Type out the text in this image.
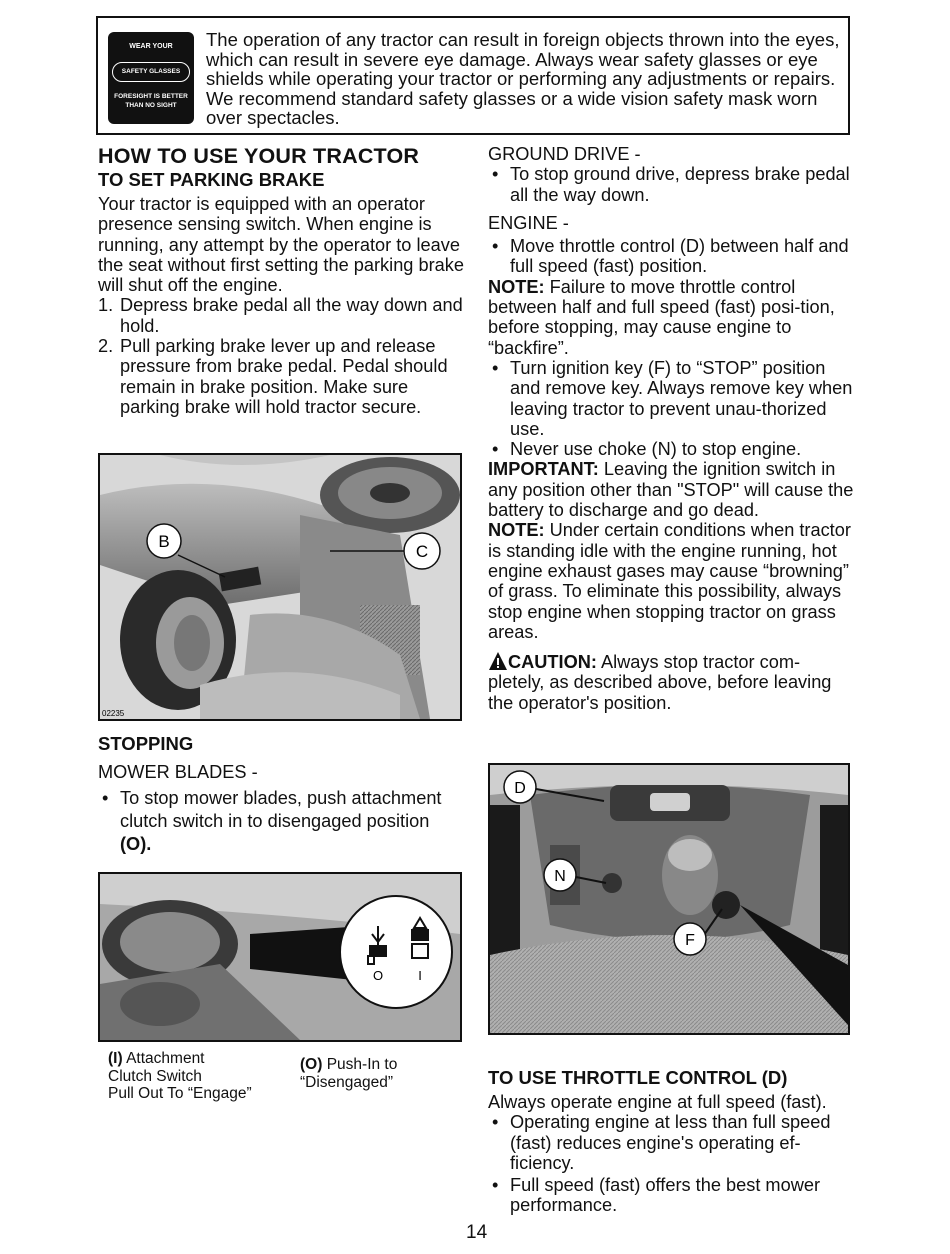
WEAR YOUR
SAFETY GLASSES
FORESIGHT IS BETTER
THAN NO SIGHT
The operation of any tractor can result in foreign objects thrown into the eyes, which can result in severe eye damage. Always wear safety glasses or eye shields while operating your tractor or performing any adjustments or repairs. We recommend standard safety glasses or a wide vision safety mask worn over spectacles.
HOW TO USE YOUR TRACTOR
TO SET PARKING BRAKE

Your tractor is equipped with an operator presence sensing switch. When engine is running, any attempt by the operator to leave the seat without first setting the parking brake will shut off the engine.

1. Depress brake pedal all the way down and hold.
2. Pull parking brake lever up and release pressure from brake pedal. Pedal should remain in brake position. Make sure parking brake will hold tractor secure.
B
C
02235
STOPPING

MOWER BLADES -

• To stop mower blades, push attachment clutch switch in to disengaged position
(O).
O	I
(I) Attachment
Clutch Switch
Pull Out To “Engage”
(O) Push-In to
“Disengaged”

GROUND DRIVE -

• To stop ground drive, depress brake pedal all the way down.

ENGINE -

• Move throttle control (D) between half and full speed (fast) position.

NOTE: Failure to move throttle control between half and full speed (fast) posi-tion, before stopping, may cause engine to “backfire”.

• Turn ignition key (F) to “STOP” position and remove key. Always remove key when leaving tractor to prevent unau-thorized use.
• Never use choke (N) to stop engine.

IMPORTANT: Leaving the ignition switch in any position other than "STOP" will cause the battery to discharge and go dead.

NOTE: Under certain conditions when tractor is standing idle with the engine running, hot engine exhaust gases may cause “browning” of grass. To eliminate this possibility, always stop engine when stopping tractor on grass areas.

CAUTION: Always stop tractor com-pletely, as described above, before leaving the operator's position.

D
N
F
TO USE THROTTLE CONTROL (D)

Always operate engine at full speed (fast).

• Operating engine at less than full speed (fast) reduces engine's operating ef-ficiency.
• Full speed (fast) offers the best mower performance.
14
